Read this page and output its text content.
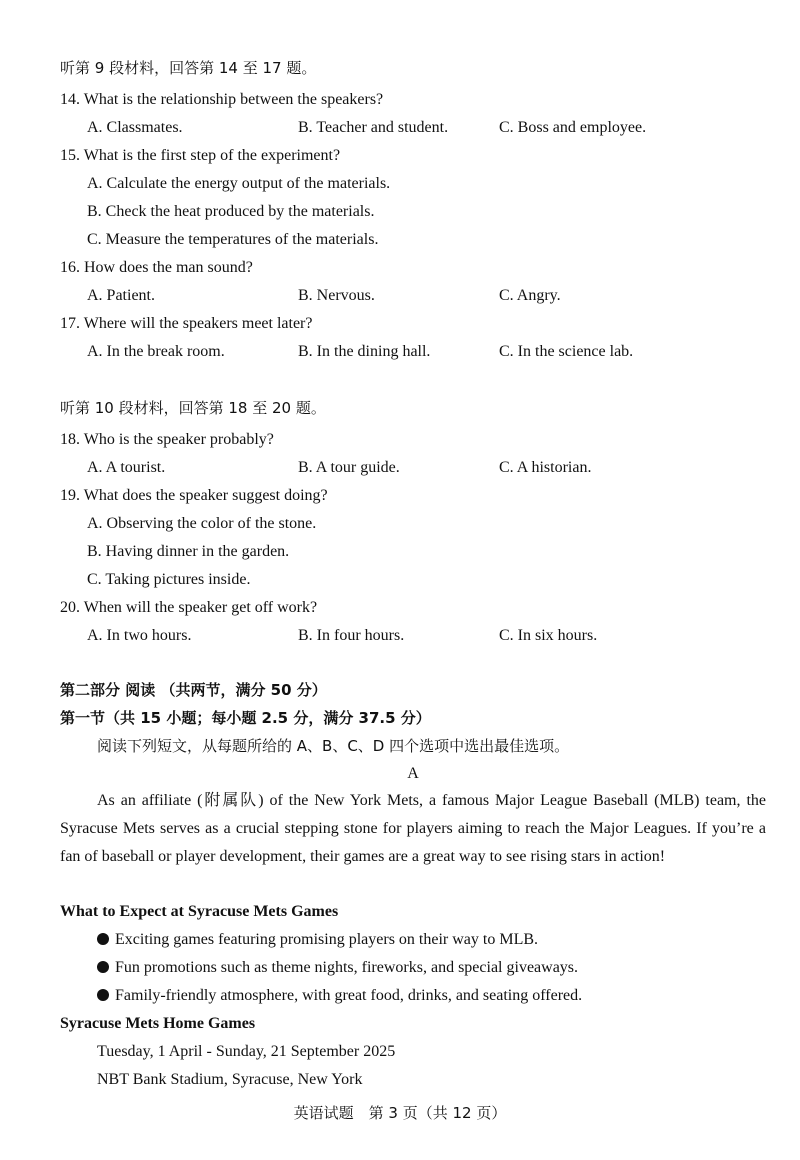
听第 9 段材料，回答第 14 至 17 题。
14. What is the relationship between the speakers?
A. Classmates.	B. Teacher and student.	C. Boss and employee.
15. What is the first step of the experiment?
A. Calculate the energy output of the materials.
B. Check the heat produced by the materials.
C. Measure the temperatures of the materials.
16. How does the man sound?
A. Patient.	B. Nervous.	C. Angry.
17. Where will the speakers meet later?
A. In the break room.	B. In the dining hall.	C. In the science lab.
听第 10 段材料，回答第 18 至 20 题。
18. Who is the speaker probably?
A. A tourist.	B. A tour guide.	C. A historian.
19. What does the speaker suggest doing?
A. Observing the color of the stone.
B. Having dinner in the garden.
C. Taking pictures inside.
20. When will the speaker get off work?
A. In two hours.	B. In four hours.	C. In six hours.
第二部分 阅读 （共两节，满分 50 分）
第一节（共 15 小题；每小题 2.5 分，满分 37.5 分）
阅读下列短文，从每题所给的 A、B、C、D 四个选项中选出最佳选项。
A
As an affiliate (附属队) of the New York Mets, a famous Major League Baseball (MLB) team, the Syracuse Mets serves as a crucial stepping stone for players aiming to reach the Major Leagues. If you’re a fan of baseball or player development, their games are a great way to see rising stars in action!
What to Expect at Syracuse Mets Games
Exciting games featuring promising players on their way to MLB.
Fun promotions such as theme nights, fireworks, and special giveaways.
Family-friendly atmosphere, with great food, drinks, and seating offered.
Syracuse Mets Home Games
Tuesday, 1 April - Sunday, 21 September 2025
NBT Bank Stadium, Syracuse, New York
英语试题　第 3 页（共 12 页）
